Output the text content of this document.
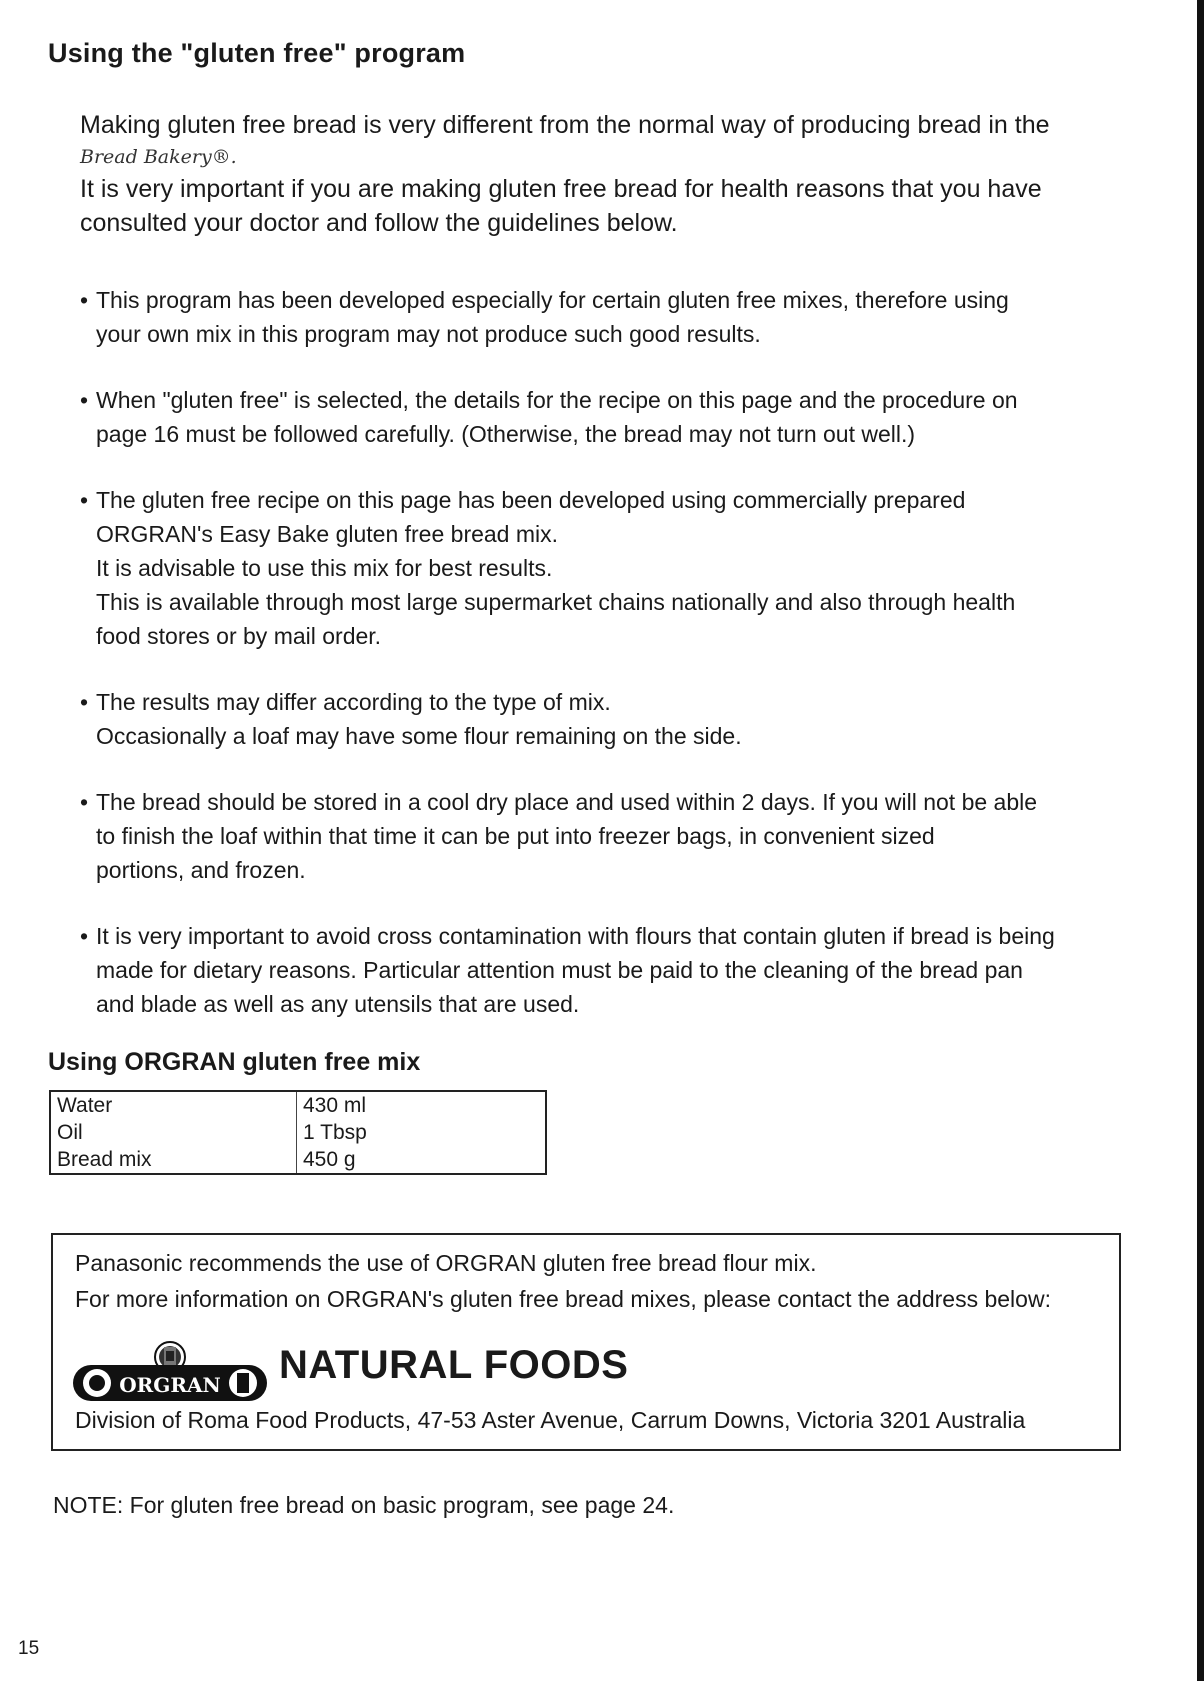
Using the "gluten free" program

Making gluten free bread is very different from the normal way of producing bread in the

Bread Bakery®.

It is very important if you are making gluten free bread for health reasons that you have consulted your doctor and follow the guidelines below.

• This program has been developed especially for certain gluten free mixes, therefore using

your own mix in this program may not produce such good results.

• When "gluten free" is selected, the details for the recipe on this page and the procedure on

page 16 must be followed carefully. (Otherwise, the bread may not turn out well.)

• The gluten free recipe on this page has been developed using commercially prepared

ORGRAN's Easy Bake gluten free bread mix.

It is advisable to use this mix for best results.

This is available through most large supermarket chains nationally and also through health

food stores or by mail order.

• The results may differ according to the type of mix.

Occasionally a loaf may have some flour remaining on the side.

• The bread should be stored in a cool dry place and used within 2 days. If you will not be able

to finish the loaf within that time it can be put into freezer bags, in convenient sized

portions, and frozen.

• It is very important to avoid cross contamination with flours that contain gluten if bread is being

made for dietary reasons. Particular attention must be paid to the cleaning of the bread pan

and blade as well as any utensils that are used.

Using ORGRAN gluten free mix
Water	430 ml
Oil	1 Tbsp
Bread mix	450 g

Panasonic recommends the use of ORGRAN gluten free bread flour mix.

For more information on ORGRAN's gluten free bread mixes, please contact the address below:

ORGRAN NATURAL FOODS
Division of Roma Food Products, 47-53 Aster Avenue, Carrum Downs, Victoria 3201 Australia
NOTE: For gluten free bread on basic program, see page 24.
15
